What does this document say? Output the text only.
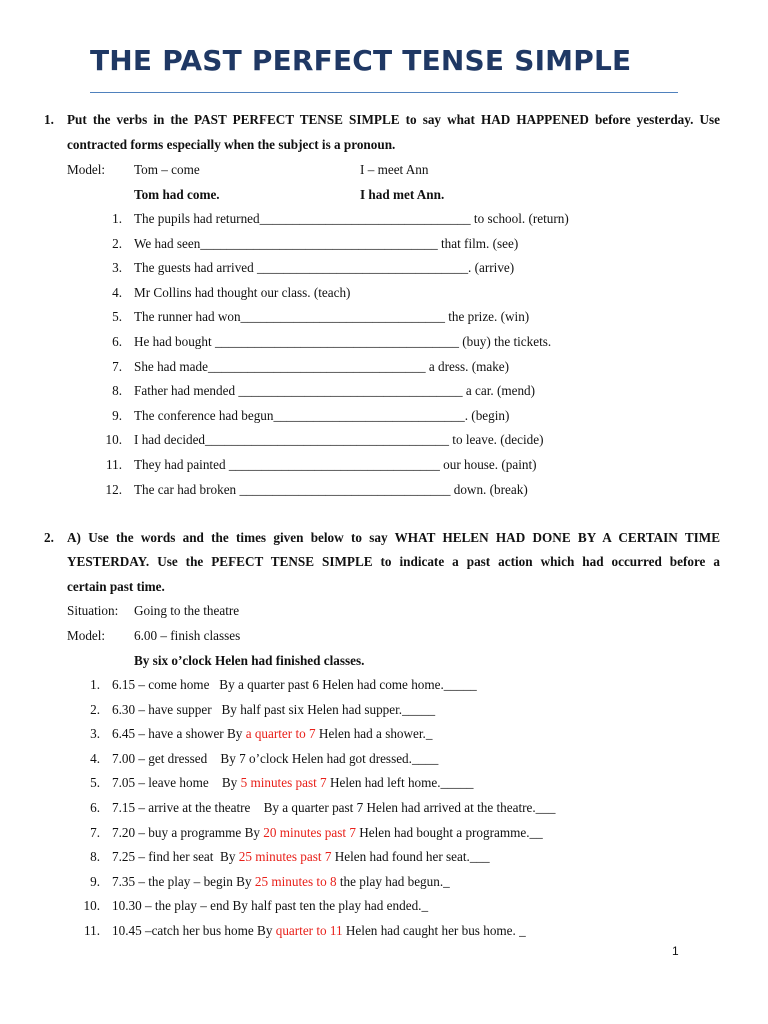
THE PAST PERFECT TENSE SIMPLE
1. Put the verbs in the PAST PERFECT TENSE SIMPLE to say what HAD HAPPENED before yesterday. Use
contracted forms especially when the subject is a pronoun.
Model: Tom – come	I – meet Ann
Tom had come.	I had met Ann.
1. The pupils had returned________________________________ to school. (return)
2. We had seen____________________________________ that film. (see)
3. The guests had arrived ________________________________. (arrive)
4. Mr Collins had thought our class. (teach)
5. The runner had won_______________________________ the prize. (win)
6. He had bought _____________________________________ (buy) the tickets.
7. She had made_________________________________ a dress. (make)
8. Father had mended __________________________________ a car. (mend)
9. The conference had begun_____________________________. (begin)
10. I had decided_____________________________________ to leave. (decide)
11. They had painted ________________________________ our house. (paint)
12. The car had broken ________________________________ down. (break)
2. A) Use the words and the times given below to say WHAT HELEN HAD DONE BY A CERTAIN TIME
YESTERDAY. Use the PEFECT TENSE SIMPLE to indicate a past action which had occurred before a
certain past time.
Situation: Going to the theatre
Model: 6.00 – finish classes
By six o’clock Helen had finished classes.
1. 6.15 – come home   By a quarter past 6 Helen had come home._____
2. 6.30 – have supper   By half past six Helen had supper._____
3. 6.45 – have a shower By a quarter to 7 Helen had a shower._
4. 7.00 – get dressed    By 7 o’clock Helen had got dressed.____
5. 7.05 – leave home    By 5 minutes past 7 Helen had left home._____
6. 7.15 – arrive at the theatre    By a quarter past 7 Helen had arrived at the theatre.___
7. 7.20 – buy a programme By 20 minutes past 7 Helen had bought a programme.__
8. 7.25 – find her seat  By 25 minutes past 7 Helen had found her seat.___
9. 7.35 – the play – begin By 25 minutes to 8 the play had begun._
10. 10.30 – the play – end By half past ten the play had ended._
11. 10.45 –catch her bus home By quarter to 11 Helen had caught her bus home. _
1
